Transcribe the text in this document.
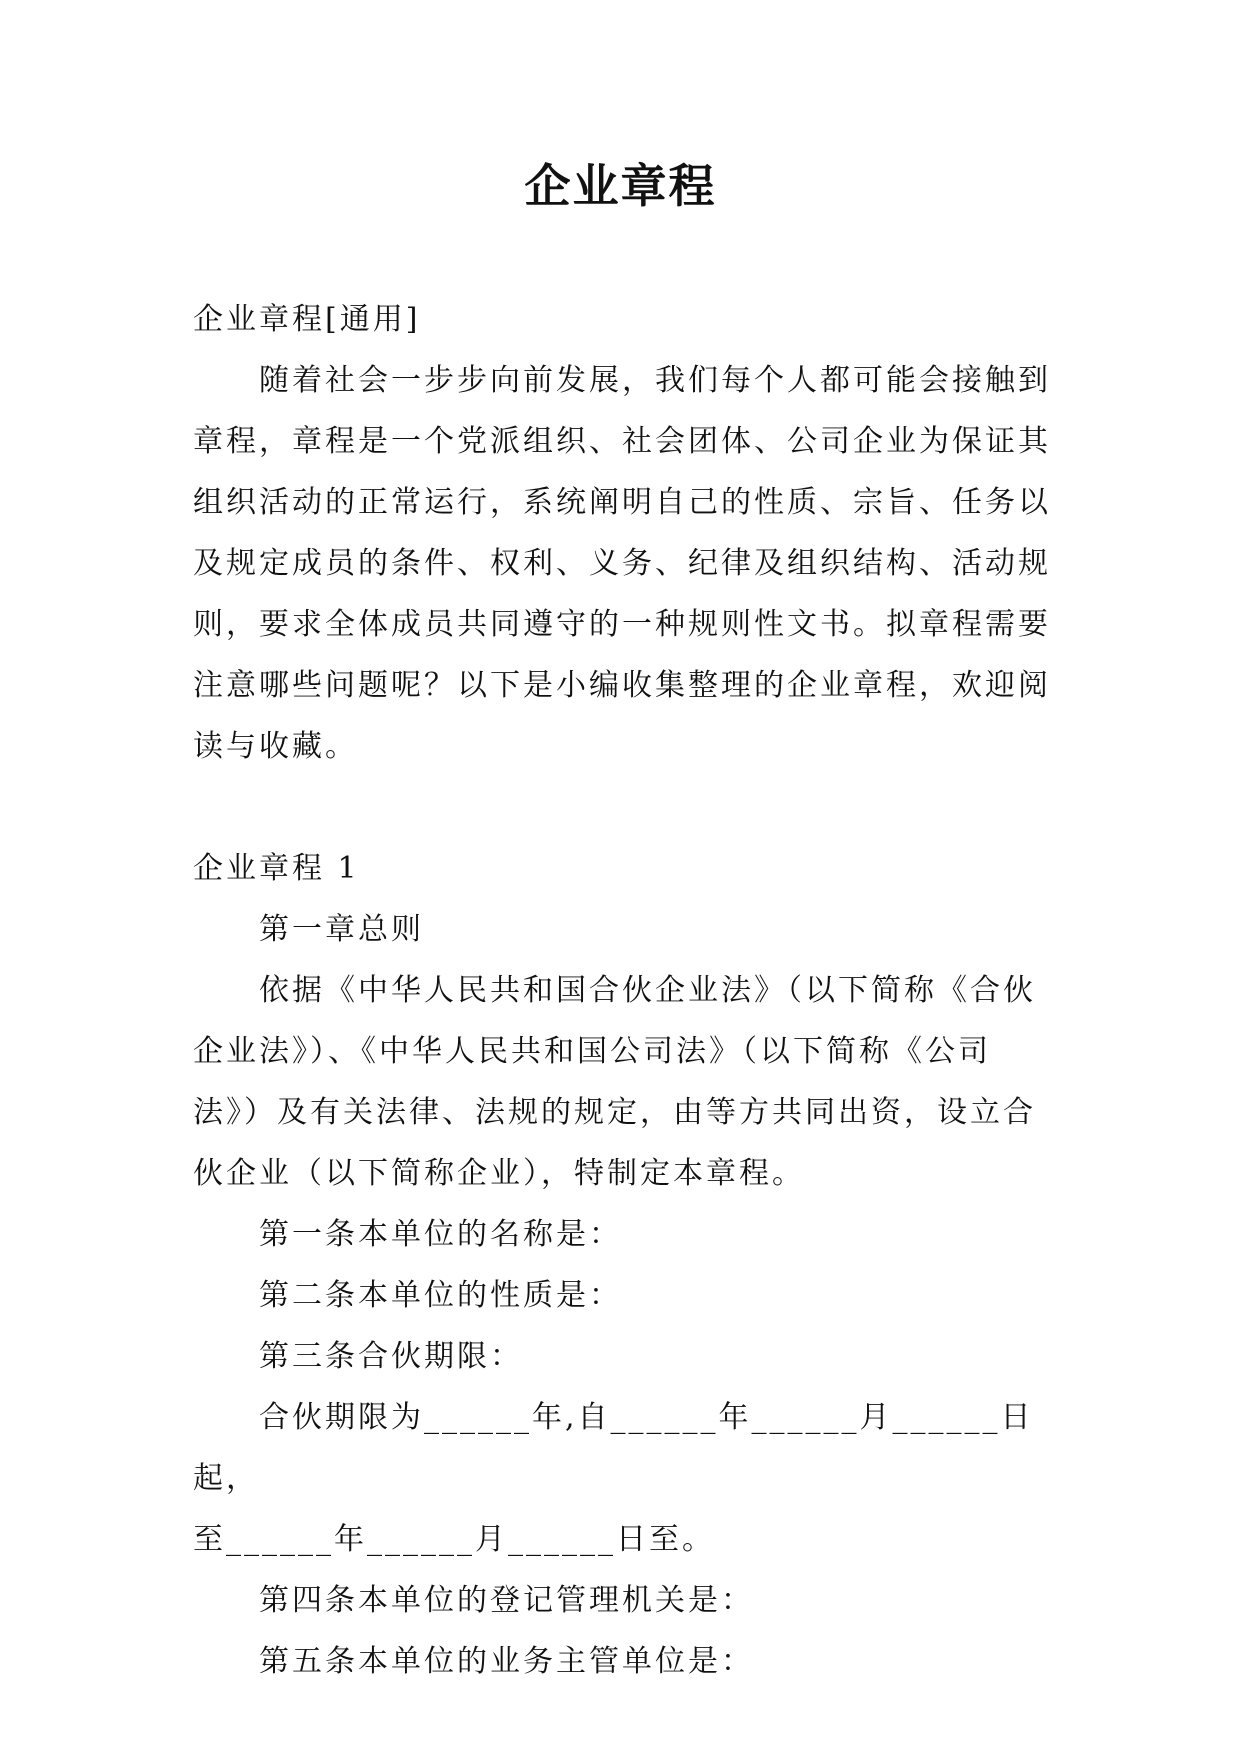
企业章程

企业章程[通用]

随着社会一步步向前发展，我们每个人都可能会接触到章程，章程是一个党派组织、社会团体、公司企业为保证其组织活动的正常运行，系统阐明自己的性质、宗旨、任务以及规定成员的条件、权利、义务、纪律及组织结构、活动规则，要求全体成员共同遵守的一种规则性文书。拟章程需要注意哪些问题呢？以下是小编收集整理的企业章程，欢迎阅读与收藏。

企业章程 1

第一章总则

依据《中华人民共和国合伙企业法》（以下简称《合伙企业法》）、《中华人民共和国公司法》（以下简称《公司法》）及有关法律、法规的规定，由等方共同出资，设立合伙企业（以下简称企业），特制定本章程。

第一条本单位的名称是：

第二条本单位的性质是：

第三条合伙期限：

合伙期限为______年,自______年______月______日起，

至______年______月______日至。

第四条本单位的登记管理机关是：

第五条本单位的业务主管单位是：
